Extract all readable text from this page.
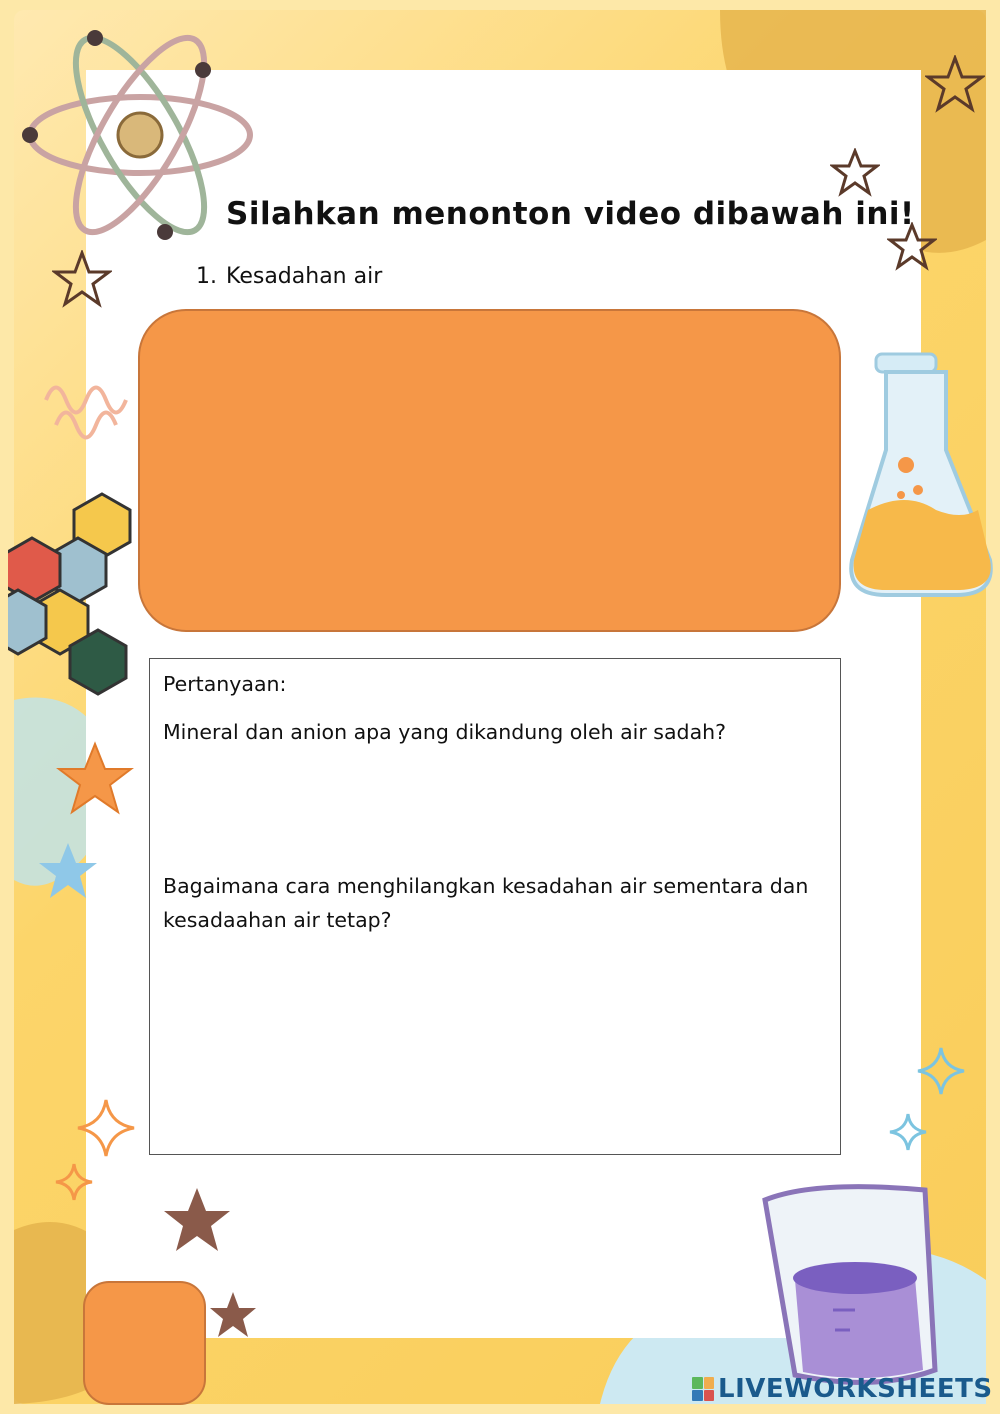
Silahkan menonton video dibawah ini!
1. Kesadahan air
Pertanyaan:
Mineral dan anion apa yang dikandung oleh air sadah?
Bagaimana cara menghilangkan kesadahan air sementara dan kesadaahan air tetap?
LIVEWORKSHEETS
